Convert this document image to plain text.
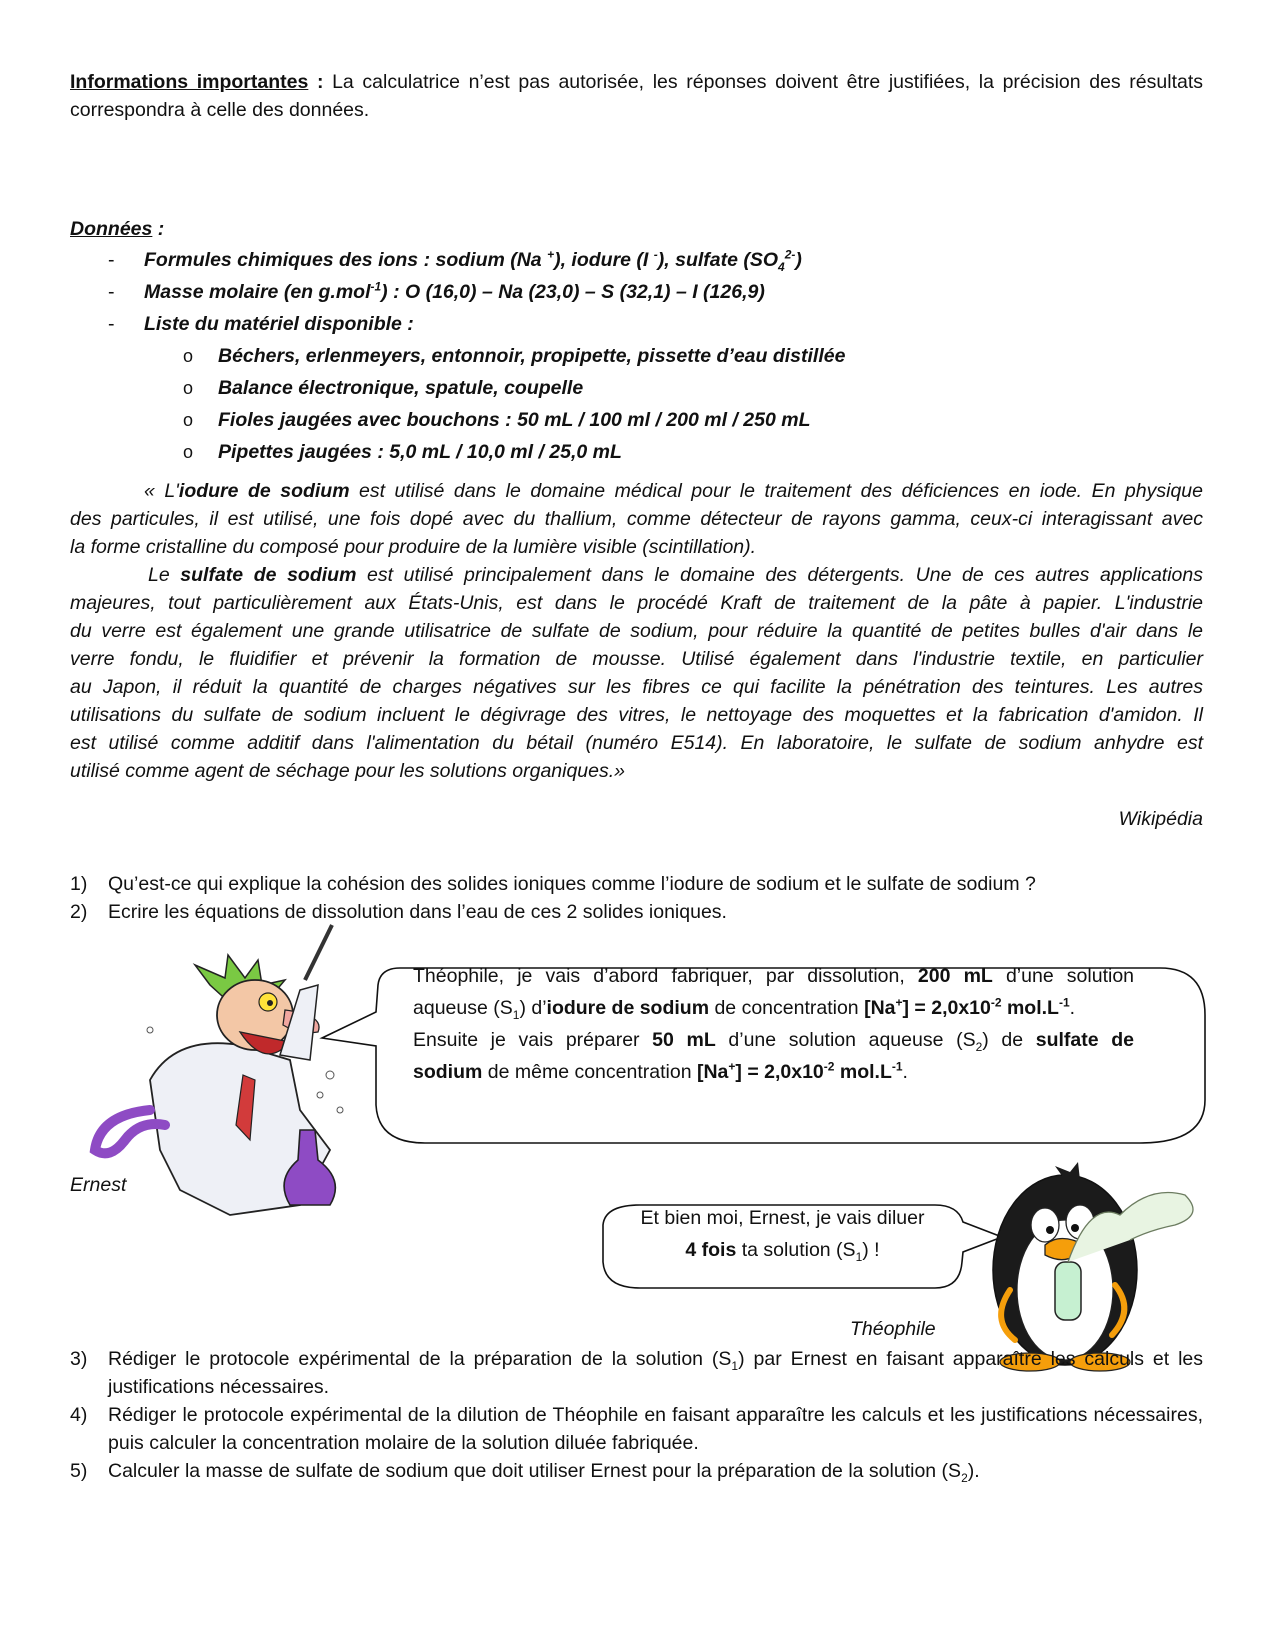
Informations importantes : La calculatrice n’est pas autorisée, les réponses doivent être justifiées, la précision des résultats correspondra à celle des données.

Données :

- Formules chimiques des ions : sodium (Na +), iodure (I -), sulfate $(SO_4^{2-})$
- Masse molaire (en g.mol$^{-1}$) : O (16,0) – Na (23,0) – S (32,1) – I (126,9)
- Liste du matériel disponible :
o Béchers, erlenmeyers, entonnoir, propipette, pissette d’eau distillée
o Balance électronique, spatule, coupelle
o Fioles jaugées avec bouchons : 50 mL / 100 ml / 200 ml / 250 mL
o Pipettes jaugées : 5,0 mL / 10,0 ml / 25,0 mL
« L'iodure de sodium est utilisé dans le domaine médical pour le traitement des déficiences en iode. En physique
des particules, il est utilisé, une fois dopé avec du thallium, comme détecteur de rayons gamma, ceux-ci interagissant avec
la forme cristalline du composé pour produire de la lumière visible (scintillation).
Le sulfate de sodium est utilisé principalement dans le domaine des détergents. Une de ces autres applications
majeures, tout particulièrement aux États-Unis, est dans le procédé Kraft de traitement de la pâte à papier. L'industrie
du verre est également une grande utilisatrice de sulfate de sodium, pour réduire la quantité de petites bulles d'air dans le
verre fondu, le fluidifier et prévenir la formation de mousse. Utilisé également dans l'industrie textile, en particulier
au Japon, il réduit la quantité de charges négatives sur les fibres ce qui facilite la pénétration des teintures. Les autres
utilisations du sulfate de sodium incluent le dégivrage des vitres, le nettoyage des moquettes et la fabrication d'amidon. Il
est utilisé comme additif dans l'alimentation du bétail (numéro E514). En laboratoire, le sulfate de sodium anhydre est
utilisé comme agent de séchage pour les solutions organiques.»

Wikipédia

1) Qu’est-ce qui explique la cohésion des solides ioniques comme l’iodure de sodium et le sulfate de sodium ?
2) Ecrire les équations de dissolution dans l’eau de ces 2 solides ioniques.
Théophile, je vais d’abord fabriquer, par dissolution, 200 mL d’une solution
aqueuse $(S_1)$ d’iodure de sodium de concentration $[Na^+] = 2,0x10^{-2}$ $mol.L^{-1}$.
Ensuite je vais préparer 50 mL d’une solution aqueuse $(S_2)$ de sulfate de
sodium de même concentration $[Na^+] = 2,0x10^{-2}$ $mol.L^{-1}$.
Et bien moi, Ernest, je vais diluer
4 fois ta solution $(S_1)$ !
Ernest
Théophile
3) Rédiger le protocole expérimental de la préparation de la solution $(S_1)$ par Ernest en faisant apparaître les calculs et les justifications nécessaires.
4) Rédiger le protocole expérimental de la dilution de Théophile en faisant apparaître les calculs et les justifications nécessaires, puis calculer la concentration molaire de la solution diluée fabriquée.
5) Calculer la masse de sulfate de sodium que doit utiliser Ernest pour la préparation de la solution $(S_2)$.
